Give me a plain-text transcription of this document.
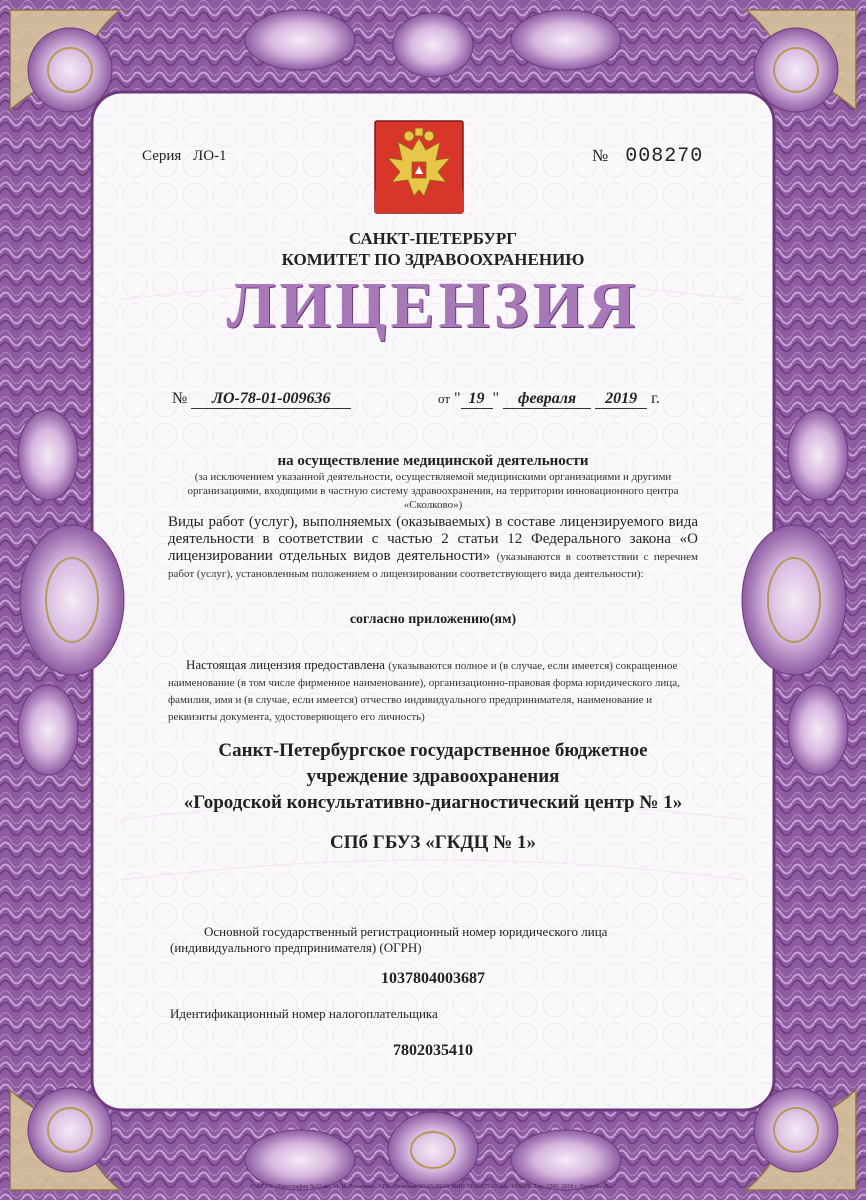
Серия ЛО-1	№ 008270
САНКТ-ПЕТЕРБУРГ
КОМИТЕТ ПО ЗДРАВООХРАНЕНИЮ
ЛИЦЕНЗИЯ
№ ЛО-78-01-009636	от " 19 " февраля 2019 г.
на осуществление медицинской деятельности
(за исключением указанной деятельности, осуществляемой медицинскими организациями и другими организациями, входящими в частную систему здравоохранения, на территории инновационного центра «Сколково»)
Виды работ (услуг), выполняемых (оказываемых) в составе лицензируемого вида деятельности в соответствии с частью 2 статьи 12 Федерального закона «О лицензировании отдельных видов деятельности» (указываются в соответствии с перечнем работ (услуг), установленным положением о лицензировании соответствующего вида деятельности):
согласно приложению(ям)
Настоящая лицензия предоставлена (указываются полное и (в случае, если имеется) сокращенное наименование (в том числе фирменное наименование), организационно-правовая форма юридического лица, фамилия, имя и (в случае, если имеется) отчество индивидуального предпринимателя, наименование и реквизиты документа, удостоверяющего его личность)
Санкт-Петербургское государственное бюджетное
учреждение здравоохранения
«Городской консультативно-диагностический центр № 1»
СПб ГБУЗ «ГКДЦ № 1»
Основной государственный регистрационный номер юридического лица
(индивидуального предпринимателя) (ОГРН)
1037804003687
Идентификационный номер налогоплательщика
7802035410
© ФГУП «Типография №12 им. М. И. Лоханова». СПб. Лицензия 03-05-09/19. ИНН 7809017743. Зак. 1930/18. Тир. 1500. 2018 г. Уровень «Б»
